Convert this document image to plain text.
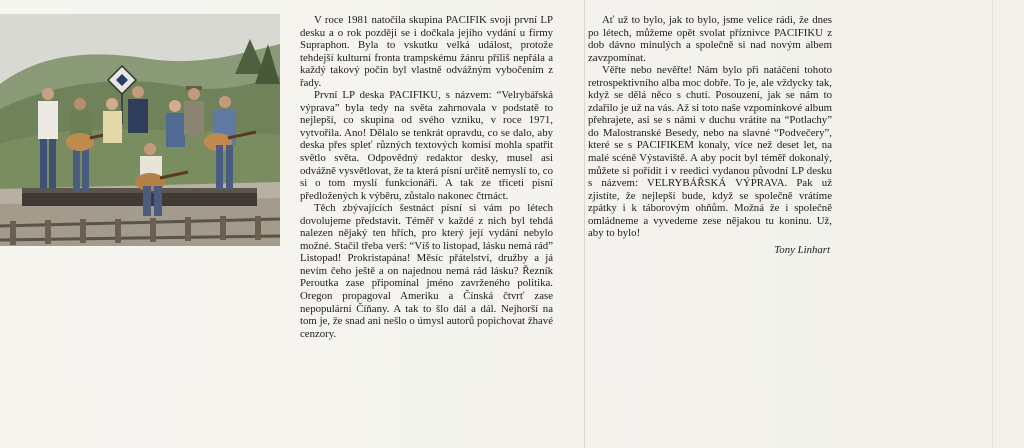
V roce 1981 natočila skupina PACIFIK svoji první LP desku a o rok později se i dočkala jejího vydání u firmy Supraphon. Byla to vskutku velká událost, protože tehdejší kulturní fronta trampskému žánru příliš nepřála a každý takový počin byl vlastně odvážným vybočením z řady.

První LP deska PACIFIKU, s názvem: “Velrybářská výprava” byla tedy na světa zahrnovala v podstatě to nejlepší, co skupina od svého vzniku, v roce 1971, vytvořila. Ano! Dělalo se tenkrát opravdu, co se dalo, aby deska přes spleť různých textových komisí mohla spatřit světlo světa. Odpovědný redaktor desky, musel asi odvážně vysvětlovat, že ta která písní určitě nemyslí to, co si o tom myslí funkcionáři. A tak ze třiceti písní předložených k výběru, zůstalo nakonec čtrnáct.

Těch zbývajících šestnáct písní si vám po létech dovolujeme představit. Téměř v každé z nich byl tehdá nalezen nějaký ten hřích, pro který její vydání nebylo možné. Stačil třeba verš: “Víš to listopad, lásku nemá rád” Listopad! Prokristapána! Měsíc přátelství, družby a já nevím čeho ještě a on najednou nemá rád lásku? Řezník Peroutka zase připomínal jméno zavrženého politika. Oregon propagoval Ameriku a Čínská čtvrť zase nepopulární Číňany. A tak to šlo dál a dál. Nejhorší na tom je, že snad ani nešlo o úmysl autorů popichovat žhavé cenzory.

Ať už to bylo, jak to bylo, jsme velice rádi, že dnes po létech, můžeme opět svolat příznivce PACIFIKU z dob dávno minulých a společně si nad novým albem zavzpomínat.

Věřte nebo nevěřte! Nám bylo při natáčení tohoto retrospektivního alba moc dobře. To je, ale vždycky tak, když se dělá něco s chutí. Posouzení, jak se nám to zdařilo je už na vás. Až si toto naše vzpomínkové album přehrajete, asi se s námi v duchu vrátíte na “Potlachy” do Malostranské Besedy, nebo na slavné “Podvečery”, které se s PACIFIKEM konaly, více než deset let, na malé scéně Výstaviště. A aby pocit byl téměř dokonalý, můžete si pořídit i v reedici vydanou původní LP desku s názvem: VELRYBÁŘSKÁ VÝPRAVA. Pak už zjistíte, že nejlepší bude, když se společně vrátíme zpátky i k táborovým ohňům. Možná že i společně omládneme a vyvedeme zese nějakou tu koninu. Už, aby to bylo!

Tony Linhart
